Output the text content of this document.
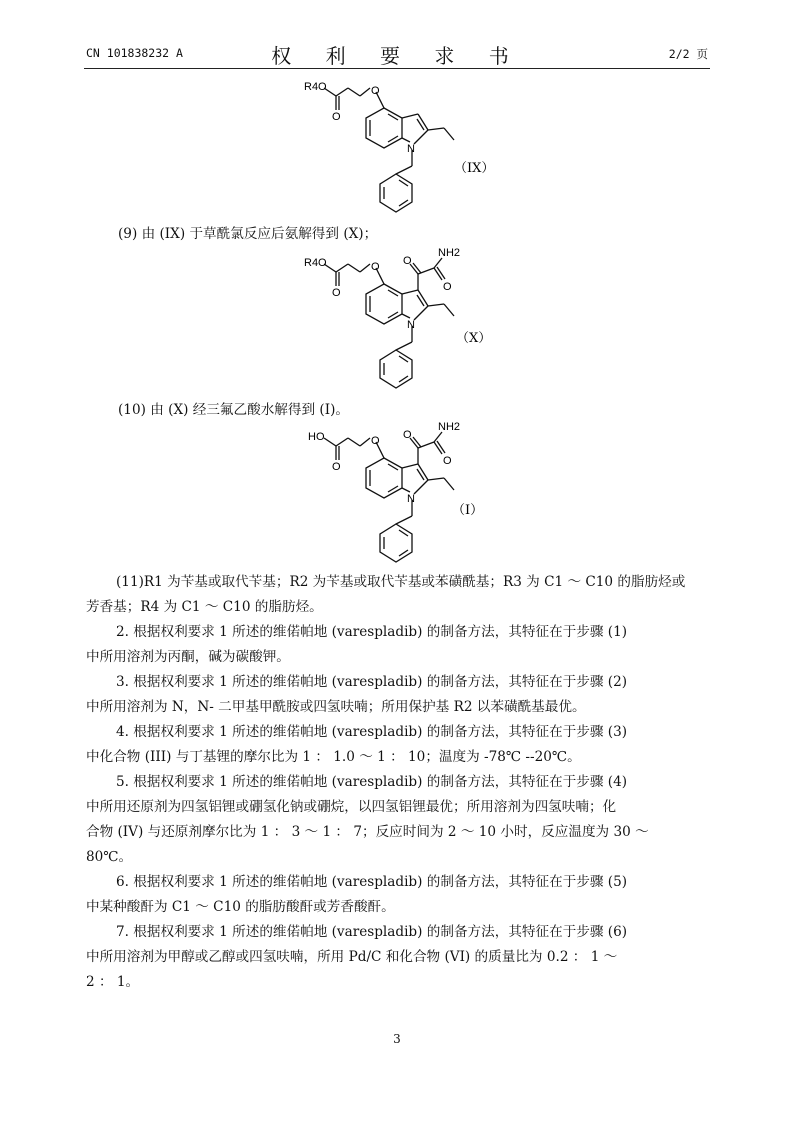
CN 101838232 A	权 利 要 求 书	2/2 页
R4O	O
O
N
（IX）
(9) 由 (IX) 于草酰氯反应后氨解得到 (X)；
R4O	O
O
O
NH2
O
N
（X）
(10) 由 (X) 经三氟乙酸水解得到 (I)。
HO	O
O
O
NH2
O
N
（I）
(11)R1 为苄基或取代苄基；R2 为苄基或取代苄基或苯磺酰基；R3 为 C1 ～ C10 的脂肪烃或
芳香基；R4 为 C1 ～ C10 的脂肪烃。
2. 根据权利要求 1 所述的维偌帕地 (varespladib) 的制备方法，其特征在于步骤 (1)
中所用溶剂为丙酮，碱为碳酸钾。
3. 根据权利要求 1 所述的维偌帕地 (varespladib) 的制备方法，其特征在于步骤 (2)
中所用溶剂为 N，N- 二甲基甲酰胺或四氢呋喃；所用保护基 R2 以苯磺酰基最优。
4. 根据权利要求 1 所述的维偌帕地 (varespladib) 的制备方法，其特征在于步骤 (3)
中化合物 (III) 与丁基锂的摩尔比为 1 ： 1.0 ～ 1 ： 10；温度为 -78℃ --20℃。
5. 根据权利要求 1 所述的维偌帕地 (varespladib) 的制备方法，其特征在于步骤 (4)
中所用还原剂为四氢铝锂或硼氢化钠或硼烷，以四氢铝锂最优；所用溶剂为四氢呋喃；化
合物 (IV) 与还原剂摩尔比为 1 ： 3 ～ 1 ： 7；反应时间为 2 ～ 10 小时，反应温度为 30 ～
80℃。
6. 根据权利要求 1 所述的维偌帕地 (varespladib) 的制备方法，其特征在于步骤 (5)
中某种酸酐为 C1 ～ C10 的脂肪酸酐或芳香酸酐。
7. 根据权利要求 1 所述的维偌帕地 (varespladib) 的制备方法，其特征在于步骤 (6)
中所用溶剂为甲醇或乙醇或四氢呋喃，所用 Pd/C 和化合物 (VI) 的质量比为 0.2 ： 1 ～
2 ： 1。
3
